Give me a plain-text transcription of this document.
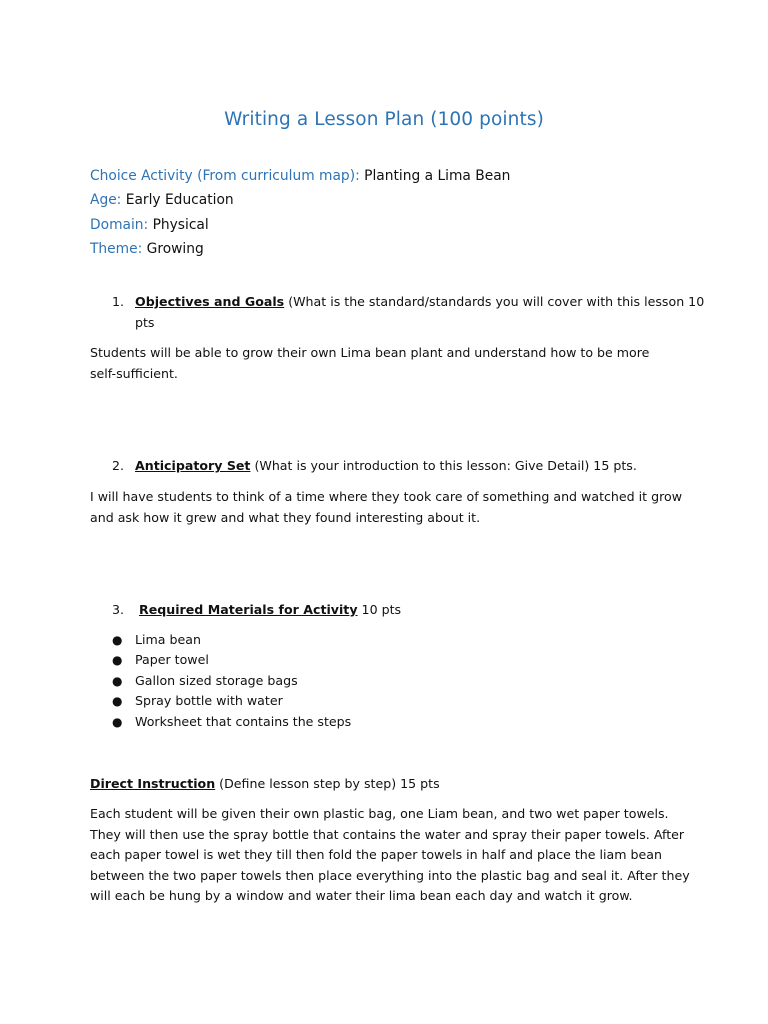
Writing a Lesson Plan (100 points)
Choice Activity (From curriculum map): Planting a Lima Bean
Age: Early Education
Domain: Physical
Theme: Growing
1. Objectives and Goals (What is the standard/standards you will cover with this lesson 10
pts
Students will be able to grow their own Lima bean plant and understand how to be more
self-sufficient.
2. Anticipatory Set (What is your introduction to this lesson: Give Detail) 15 pts.
I will have students to think of a time where they took care of something and watched it grow
and ask how it grew and what they found interesting about it.
3. Required Materials for Activity 10 pts
● Lima bean
● Paper towel
● Gallon sized storage bags
● Spray bottle with water
● Worksheet that contains the steps
Direct Instruction (Define lesson step by step) 15 pts
Each student will be given their own plastic bag, one Liam bean, and two wet paper towels.
They will then use the spray bottle that contains the water and spray their paper towels. After
each paper towel is wet they till then fold the paper towels in half and place the liam bean
between the two paper towels then place everything into the plastic bag and seal it. After they
will each be hung by a window and water their lima bean each day and watch it grow.
